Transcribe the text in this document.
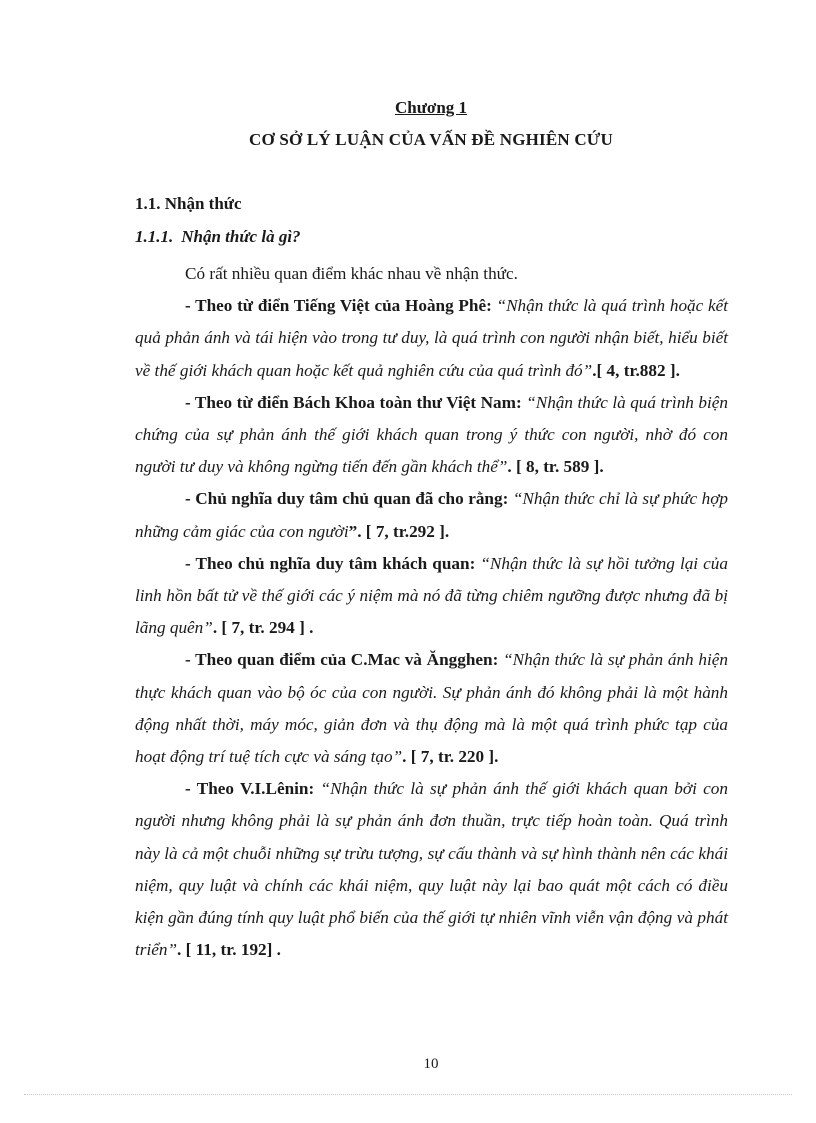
Chương 1
CƠ SỞ LÝ LUẬN CỦA VẤN ĐỀ NGHIÊN CỨU
1.1. Nhận thức
1.1.1. Nhận thức là gì?

Có rất nhiều quan điểm khác nhau về nhận thức.

- Theo từ điển Tiếng Việt của Hoàng Phê: “Nhận thức là quá trình hoặc kết quả phản ánh và tái hiện vào trong tư duy, là quá trình con người nhận biết, hiểu biết về thế giới khách quan hoặc kết quả nghiên cứu của quá trình đó”.[ 4, tr.882 ].

- Theo từ điển Bách Khoa toàn thư Việt Nam: “Nhận thức là quá trình biện chứng của sự phản ánh thế giới khách quan trong ý thức con người, nhờ đó con người tư duy và không ngừng tiến đến gần khách thể”. [ 8, tr. 589 ].

- Chủ nghĩa duy tâm chủ quan đã cho rằng: “Nhận thức chỉ là sự phức hợp những cảm giác của con người”. [ 7, tr.292 ].

- Theo chủ nghĩa duy tâm khách quan: “Nhận thức là sự hồi tưởng lại của linh hồn bất tử về thế giới các ý niệm mà nó đã từng chiêm ngưỡng được nhưng đã bị lãng quên”. [ 7, tr. 294 ] .

- Theo quan điểm của C.Mac và Ăngghen: “Nhận thức là sự phản ánh hiện thực khách quan vào bộ óc của con người. Sự phản ánh đó không phải là một hành động nhất thời, máy móc, giản đơn và thụ động mà là một quá trình phức tạp của hoạt động trí tuệ tích cực và sáng tạo”. [ 7, tr. 220 ].

- Theo V.I.Lênin: “Nhận thức là sự phản ánh thế giới khách quan bởi con người nhưng không phải là sự phản ánh đơn thuần, trực tiếp hoàn toàn. Quá trình này là cả một chuỗi những sự trừu tượng, sự cấu thành và sự hình thành nên các khái niệm, quy luật và chính các khái niệm, quy luật này lại bao quát một cách có điều kiện gần đúng tính quy luật phổ biến của thế giới tự nhiên vĩnh viễn vận động và phát triển”. [ 11, tr. 192] .

10
